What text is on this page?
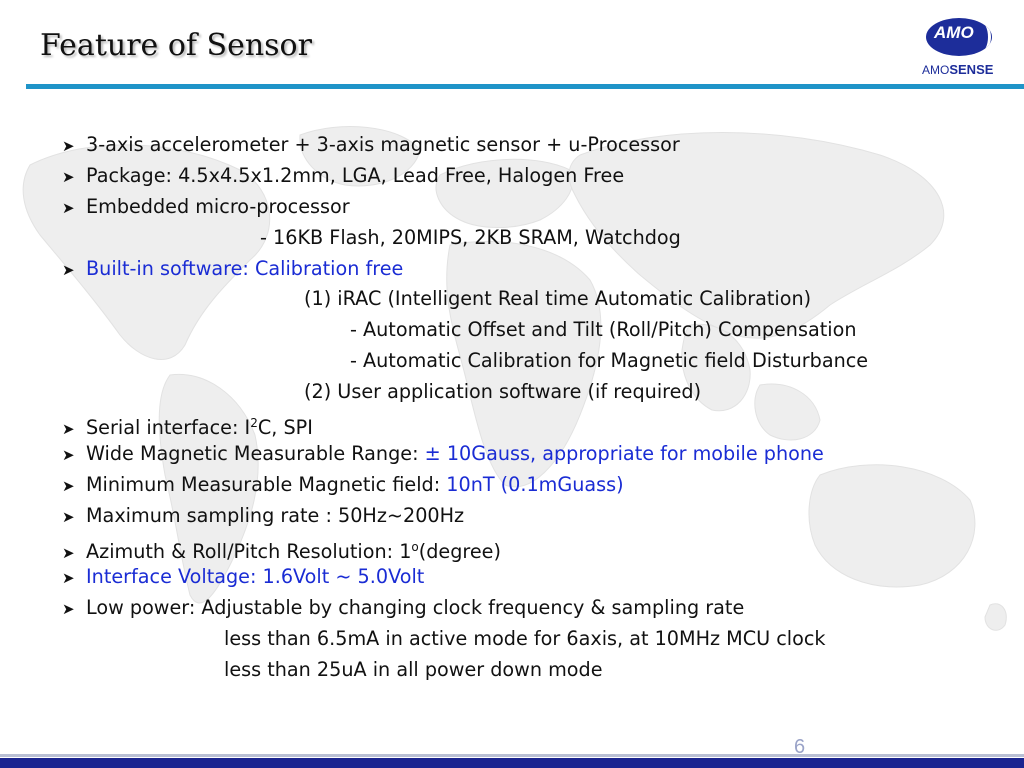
Feature of Sensor	AMO
AMOSENSE
➤ 3-axis accelerometer + 3-axis magnetic sensor + u-Processor
➤ Package: 4.5x4.5x1.2mm, LGA, Lead Free, Halogen Free
➤ Embedded micro-processor
- 16KB Flash, 20MIPS, 2KB SRAM, Watchdog
➤ Built-in software: Calibration free
(1) iRAC (Intelligent Real time Automatic Calibration)
- Automatic Offset and Tilt (Roll/Pitch) Compensation
- Automatic Calibration for Magnetic field Disturbance
(2) User application software (if required)
➤ Serial interface: $I^2C$, SPI
➤ Wide Magnetic Measurable Range: ± 10Gauss, appropriate for mobile phone
➤ Minimum Measurable Magnetic field: 10nT (0.1mGuass)
➤ Maximum sampling rate : 50Hz~200Hz
➤ Azimuth & Roll/Pitch Resolution: 1$^o$(degree)
➤ Interface Voltage: 1.6Volt ~ 5.0Volt
➤ Low power: Adjustable by changing clock frequency & sampling rate
less than 6.5mA in active mode for 6axis, at 10MHz MCU clock
less than 25uA in all power down mode
6
